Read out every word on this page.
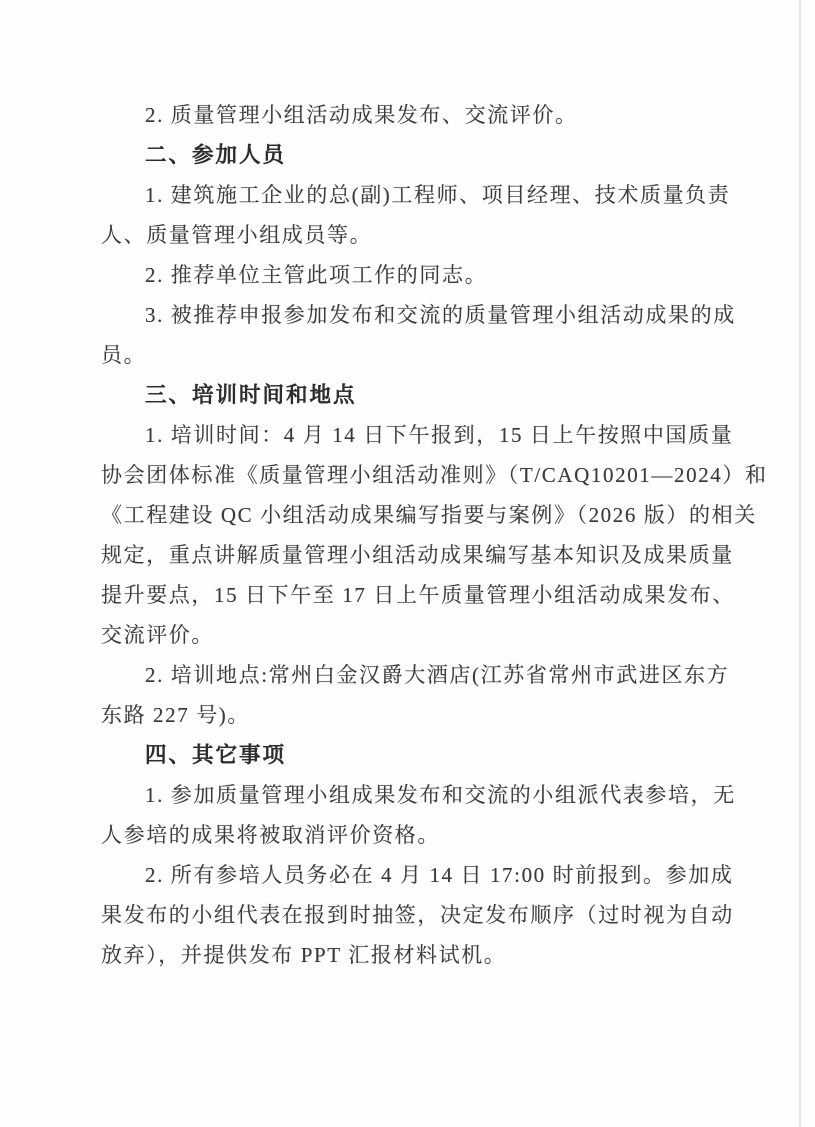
2. 质量管理小组活动成果发布、交流评价。
二、参加人员
1. 建筑施工企业的总(副)工程师、项目经理、技术质量负责
人、质量管理小组成员等。
2. 推荐单位主管此项工作的同志。
3. 被推荐申报参加发布和交流的质量管理小组活动成果的成
员。
三、培训时间和地点
1. 培训时间：4 月 14 日下午报到，15 日上午按照中国质量
协会团体标准《质量管理小组活动准则》（T/CAQ10201—2024）和
《工程建设 QC 小组活动成果编写指要与案例》（2026 版）的相关
规定，重点讲解质量管理小组活动成果编写基本知识及成果质量
提升要点，15 日下午至 17 日上午质量管理小组活动成果发布、
交流评价。
2. 培训地点:常州白金汉爵大酒店(江苏省常州市武进区东方
东路 227 号)。
四、其它事项
1. 参加质量管理小组成果发布和交流的小组派代表参培，无
人参培的成果将被取消评价资格。
2. 所有参培人员务必在 4 月 14 日 17:00 时前报到。参加成
果发布的小组代表在报到时抽签，决定发布顺序（过时视为自动
放弃），并提供发布 PPT 汇报材料试机。
